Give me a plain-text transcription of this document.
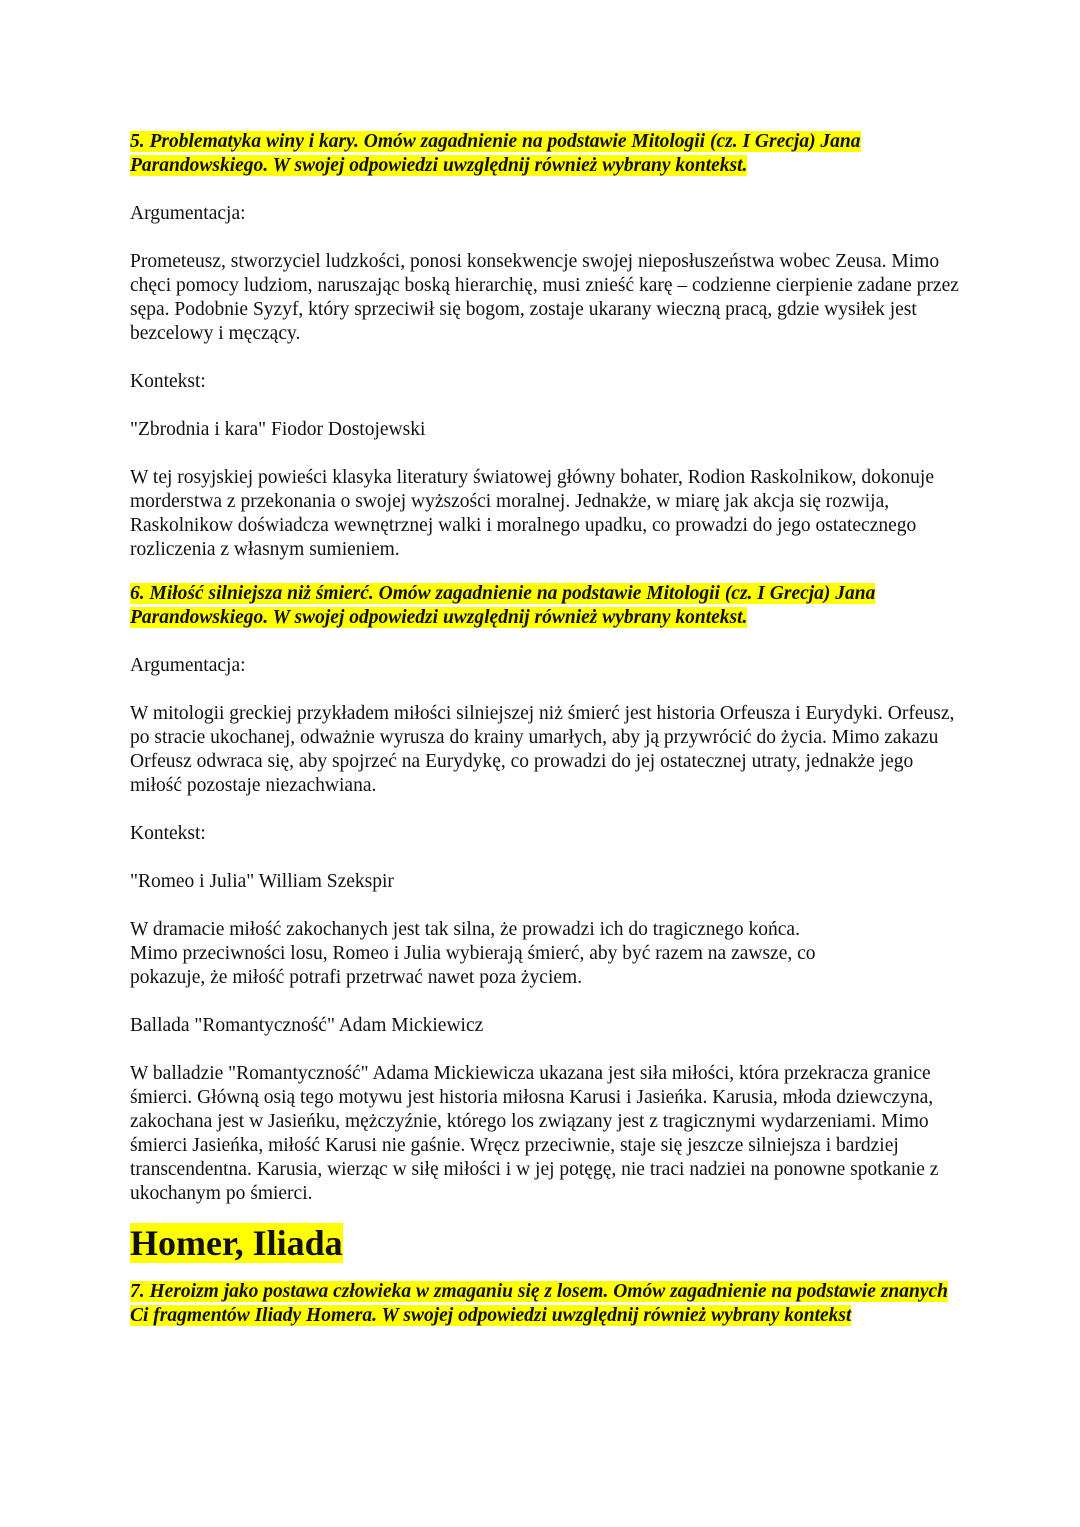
5. Problematyka winy i kary. Omów zagadnienie na podstawie Mitologii (cz. I Grecja) Jana Parandowskiego. W swojej odpowiedzi uwzględnij również wybrany kontekst.

Argumentacja:

Prometeusz, stworzyciel ludzkości, ponosi konsekwencje swojej nieposłuszeństwa wobec Zeusa. Mimo chęci pomocy ludziom, naruszając boską hierarchię, musi znieść karę – codzienne cierpienie zadane przez sępa. Podobnie Syzyf, który sprzeciwił się bogom, zostaje ukarany wieczną pracą, gdzie wysiłek jest bezcelowy i męczący.

Kontekst:

"Zbrodnia i kara" Fiodor Dostojewski

W tej rosyjskiej powieści klasyka literatury światowej główny bohater, Rodion Raskolnikow, dokonuje morderstwa z przekonania o swojej wyższości moralnej. Jednakże, w miarę jak akcja się rozwija, Raskolnikow doświadcza wewnętrznej walki i moralnego upadku, co prowadzi do jego ostatecznego rozliczenia z własnym sumieniem.

6. Miłość silniejsza niż śmierć. Omów zagadnienie na podstawie Mitologii (cz. I Grecja) Jana Parandowskiego. W swojej odpowiedzi uwzględnij również wybrany kontekst.

Argumentacja:

W mitologii greckiej przykładem miłości silniejszej niż śmierć jest historia Orfeusza i Eurydyki. Orfeusz, po stracie ukochanej, odważnie wyrusza do krainy umarłych, aby ją przywrócić do życia. Mimo zakazu Orfeusz odwraca się, aby spojrzeć na Eurydykę, co prowadzi do jej ostatecznej utraty, jednakże jego miłość pozostaje niezachwiana.

Kontekst:

"Romeo i Julia" William Szekspir

W dramacie miłość zakochanych jest tak silna, że prowadzi ich do tragicznego końca. Mimo przeciwności losu, Romeo i Julia wybierają śmierć, aby być razem na zawsze, co pokazuje, że miłość potrafi przetrwać nawet poza życiem.

Ballada "Romantyczność" Adam Mickiewicz

W balladzie "Romantyczność" Adama Mickiewicza ukazana jest siła miłości, która przekracza granice śmierci. Główną osią tego motywu jest historia miłosna Karusi i Jasieńka. Karusia, młoda dziewczyna, zakochana jest w Jasieńku, mężczyźnie, którego los związany jest z tragicznymi wydarzeniami. Mimo śmierci Jasieńka, miłość Karusi nie gaśnie. Wręcz przeciwnie, staje się jeszcze silniejsza i bardziej transcendentna. Karusia, wierząc w siłę miłości i w jej potęgę, nie traci nadziei na ponowne spotkanie z ukochanym po śmierci.

Homer, Iliada

7. Heroizm jako postawa człowieka w zmaganiu się z losem. Omów zagadnienie na podstawie znanych Ci fragmentów Iliady Homera. W swojej odpowiedzi uwzględnij również wybrany kontekst
